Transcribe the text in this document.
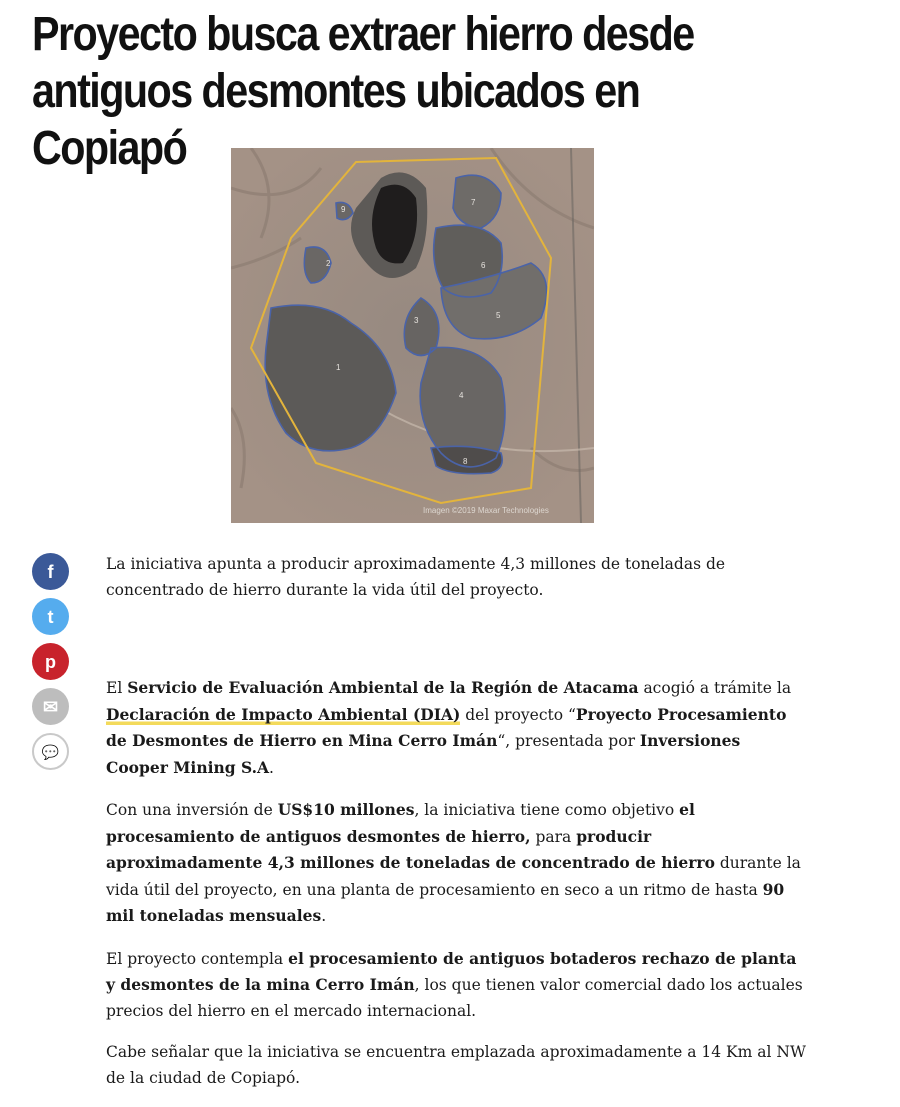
Proyecto busca extraer hierro desde antiguos desmontes ubicados en Copiapó
1
2
3
4
5
6
7
8
9
Imagen ©2019 Maxar Technologies
f
t
p
✉
💬

La iniciativa apunta a producir aproximadamente 4,3 millones de toneladas de concentrado de hierro durante la vida útil del proyecto.

El Servicio de Evaluación Ambiental de la Región de Atacama acogió a trámite la Declaración de Impacto Ambiental (DIA) del proyecto “Proyecto Procesamiento de Desmontes de Hierro en Mina Cerro Imán“, presentada por Inversiones Cooper Mining S.A.

Con una inversión de US$10 millones, la iniciativa tiene como objetivo el procesamiento de antiguos desmontes de hierro, para producir aproximadamente 4,3 millones de toneladas de concentrado de hierro durante la vida útil del proyecto, en una planta de procesamiento en seco a un ritmo de hasta 90 mil toneladas mensuales.

El proyecto contempla el procesamiento de antiguos botaderos rechazo de planta y desmontes de la mina Cerro Imán, los que tienen valor comercial dado los actuales precios del hierro en el mercado internacional.

Cabe señalar que la iniciativa se encuentra emplazada aproximadamente a 14 Km al NW de la ciudad de Copiapó.
